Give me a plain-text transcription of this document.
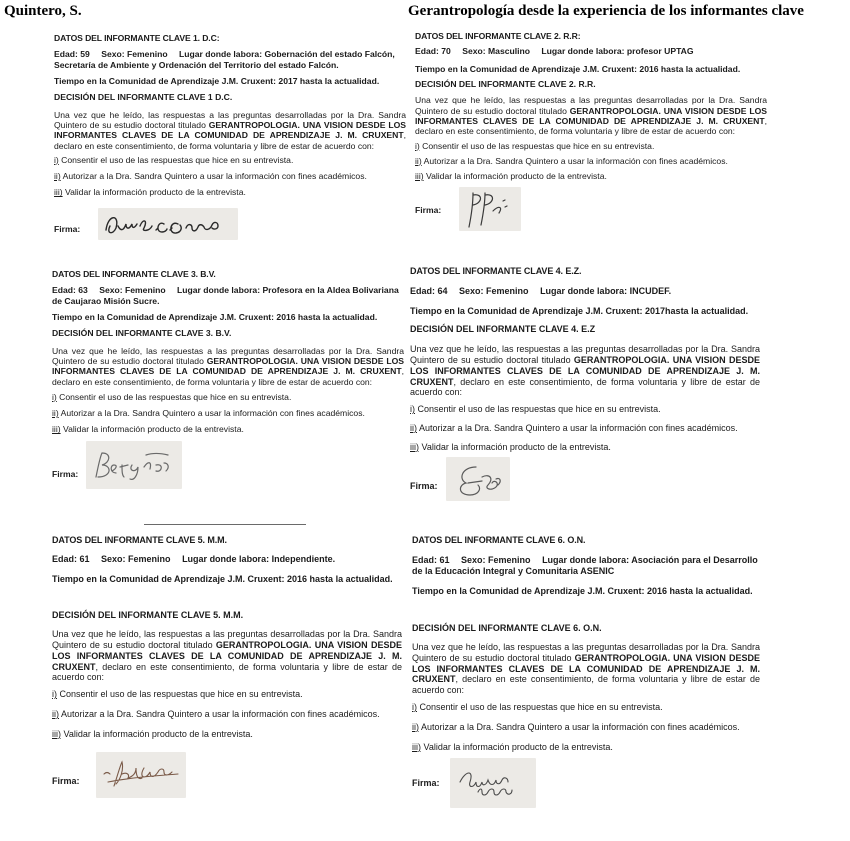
Quintero, S.	Gerantropología desde la experiencia de los informantes clave

DATOS DEL INFORMANTE CLAVE 1. D.C:

Edad: 59 Sexo: Femenino Lugar donde labora: Gobernación del estado Falcón, Secretaría de Ambiente y Ordenación del Territorio del estado Falcón.

Tiempo en la Comunidad de Aprendizaje J.M. Cruxent: 2017 hasta la actualidad.

DECISIÓN DEL INFORMANTE CLAVE 1 D.C.

Una vez que he leído, las respuestas a las preguntas desarrolladas por la Dra. Sandra Quintero de su estudio doctoral titulado GERANTROPOLOGIA. UNA VISION DESDE LOS INFORMANTES CLAVES DE LA COMUNIDAD DE APRENDIZAJE J. M. CRUXENT, declaro en este consentimiento, de forma voluntaria y libre de estar de acuerdo con:

i) Consentir el uso de las respuestas que hice en su entrevista.

ii) Autorizar a la Dra. Sandra Quintero a usar la información con fines académicos.

iii) Validar la información producto de la entrevista.

Firma:

DATOS DEL INFORMANTE CLAVE 2. R.R:

Edad: 70 Sexo: Masculino Lugar donde labora: profesor UPTAG

Tiempo en la Comunidad de Aprendizaje J.M. Cruxent: 2016 hasta la actualidad.

DECISIÓN DEL INFORMANTE CLAVE 2. R.R.

Una vez que he leído, las respuestas a las preguntas desarrolladas por la Dra. Sandra Quintero de su estudio doctoral titulado GERANTROPOLOGIA. UNA VISION DESDE LOS INFORMANTES CLAVES DE LA COMUNIDAD DE APRENDIZAJE J. M. CRUXENT, declaro en este consentimiento, de forma voluntaria y libre de estar de acuerdo con:

i) Consentir el uso de las respuestas que hice en su entrevista.

ii) Autorizar a la Dra. Sandra Quintero a usar la información con fines académicos.

iii) Validar la información producto de la entrevista.

Firma:

DATOS DEL INFORMANTE CLAVE 3. B.V.

Edad: 63 Sexo: Femenino Lugar donde labora: Profesora en la Aldea Bolivariana de Caujarao Misión Sucre.

Tiempo en la Comunidad de Aprendizaje J.M. Cruxent: 2016 hasta la actualidad.

DECISIÓN DEL INFORMANTE CLAVE 3. B.V.

Una vez que he leído, las respuestas a las preguntas desarrolladas por la Dra. Sandra Quintero de su estudio doctoral titulado GERANTROPOLOGIA. UNA VISION DESDE LOS INFORMANTES CLAVES DE LA COMUNIDAD DE APRENDIZAJE J. M. CRUXENT, declaro en este consentimiento, de forma voluntaria y libre de estar de acuerdo con:

i) Consentir el uso de las respuestas que hice en su entrevista.

ii) Autorizar a la Dra. Sandra Quintero a usar la información con fines académicos.

iii) Validar la información producto de la entrevista.

Firma:

DATOS DEL INFORMANTE CLAVE 4. E.Z.

Edad: 64 Sexo: Femenino Lugar donde labora: INCUDEF.

Tiempo en la Comunidad de Aprendizaje J.M. Cruxent: 2017hasta la actualidad.

DECISIÓN DEL INFORMANTE CLAVE 4. E.Z

Una vez que he leído, las respuestas a las preguntas desarrolladas por la Dra. Sandra Quintero de su estudio doctoral titulado GERANTROPOLOGIA. UNA VISION DESDE LOS INFORMANTES CLAVES DE LA COMUNIDAD DE APRENDIZAJE J. M. CRUXENT, declaro en este consentimiento, de forma voluntaria y libre de estar de acuerdo con:

i) Consentir el uso de las respuestas que hice en su entrevista.

ii) Autorizar a la Dra. Sandra Quintero a usar la información con fines académicos.

iii) Validar la información producto de la entrevista.

Firma:

DATOS DEL INFORMANTE CLAVE 5. M.M.

Edad: 61 Sexo: Femenino Lugar donde labora: Independiente.

Tiempo en la Comunidad de Aprendizaje J.M. Cruxent: 2016 hasta la actualidad.

DECISIÓN DEL INFORMANTE CLAVE 5. M.M.

Una vez que he leído, las respuestas a las preguntas desarrolladas por la Dra. Sandra Quintero de su estudio doctoral titulado GERANTROPOLOGIA. UNA VISION DESDE LOS INFORMANTES CLAVES DE LA COMUNIDAD DE APRENDIZAJE J. M. CRUXENT, declaro en este consentimiento, de forma voluntaria y libre de estar de acuerdo con:

i) Consentir el uso de las respuestas que hice en su entrevista.

ii) Autorizar a la Dra. Sandra Quintero a usar la información con fines académicos.

iii) Validar la información producto de la entrevista.

Firma:

DATOS DEL INFORMANTE CLAVE 6. O.N.

Edad: 61 Sexo: Femenino Lugar donde labora: Asociación para el Desarrollo de la Educación Integral y Comunitaria ASENIC

Tiempo en la Comunidad de Aprendizaje J.M. Cruxent: 2016 hasta la actualidad.

DECISIÓN DEL INFORMANTE CLAVE 6. O.N.

Una vez que he leído, las respuestas a las preguntas desarrolladas por la Dra. Sandra Quintero de su estudio doctoral titulado GERANTROPOLOGIA. UNA VISION DESDE LOS INFORMANTES CLAVES DE LA COMUNIDAD DE APRENDIZAJE J. M. CRUXENT, declaro en este consentimiento, de forma voluntaria y libre de estar de acuerdo con:

i) Consentir el uso de las respuestas que hice en su entrevista.

ii) Autorizar a la Dra. Sandra Quintero a usar la información con fines académicos.

iii) Validar la información producto de la entrevista.

Firma:
